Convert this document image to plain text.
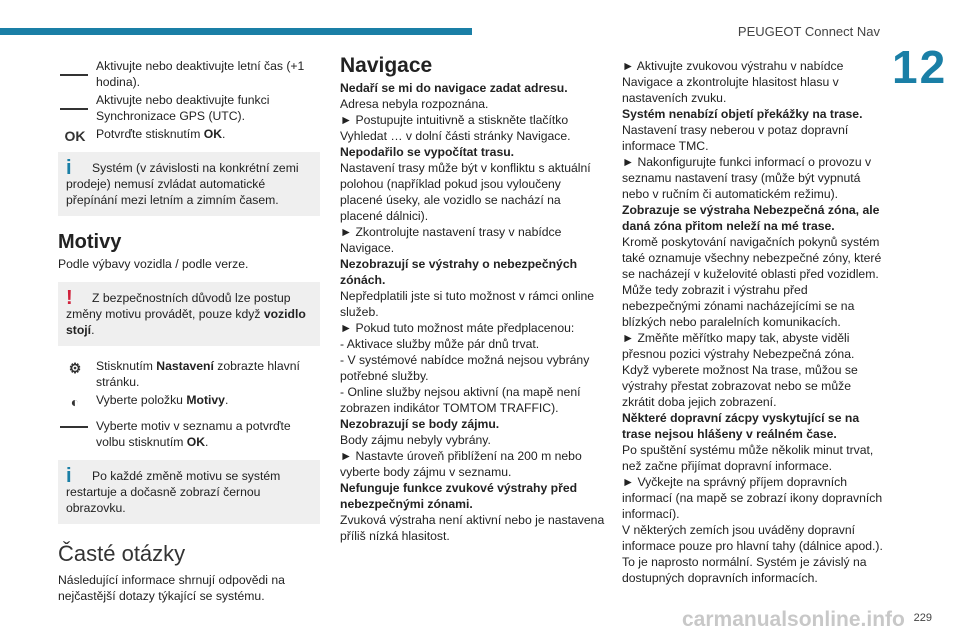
PEUGEOT Connect Nav
12

Aktivujte nebo deaktivujte letní čas (+1 hodina).

Aktivujte nebo deaktivujte funkci Synchronizace GPS (UTC).

OK Potvrďte stisknutím OK.

i	Systém (v závislosti na konkrétní zemi prodeje) nemusí zvládat automatické přepínání mezi letním a zimním časem.

Motivy

Podle výbavy vozidla / podle verze.

!	Z bezpečnostních důvodů lze postup změny motivu provádět, pouze když vozidlo stojí.

⚙	Stisknutím Nastavení zobrazte hlavní stránku.

◐	Vyberte položku Motivy.

Vyberte motiv v seznamu a potvrďte volbu stisknutím OK.

i	Po každé změně motivu se systém restartuje a dočasně zobrazí černou obrazovku.

Časté otázky

Následující informace shrnují odpovědi na nejčastější dotazy týkající se systému.

Navigace

Nedaří se mi do navigace zadat adresu.

Adresa nebyla rozpoznána.

► Postupujte intuitivně a stiskněte tlačítko Vyhledat … v dolní části stránky Navigace.

Nepodařilo se vypočítat trasu.

Nastavení trasy může být v konfliktu s aktuální polohou (například pokud jsou vyloučeny placené úseky, ale vozidlo se nachází na placené dálnici).

► Zkontrolujte nastavení trasy v nabídce Navigace.

Nezobrazují se výstrahy o nebezpečných zónách.

Nepředplatili jste si tuto možnost v rámci online služeb.

► Pokud tuto možnost máte předplacenou:
- Aktivace služby může pár dnů trvat.
- V systémové nabídce možná nejsou vybrány potřebné služby.
- Online služby nejsou aktivní (na mapě není zobrazen indikátor TOMTOM TRAFFIC).

Nezobrazují se body zájmu.

Body zájmu nebyly vybrány.

► Nastavte úroveň přiblížení na 200 m nebo vyberte body zájmu v seznamu.

Nefunguje funkce zvukové výstrahy před nebezpečnými zónami.

Zvuková výstraha není aktivní nebo je nastavena příliš nízká hlasitost.

► Aktivujte zvukovou výstrahu v nabídce Navigace a zkontrolujte hlasitost hlasu v nastaveních zvuku.

Systém nenabízí objetí překážky na trase.

Nastavení trasy neberou v potaz dopravní informace TMC.

► Nakonfigurujte funkci informací o provozu v seznamu nastavení trasy (může být vypnutá nebo v ručním či automatickém režimu).

Zobrazuje se výstraha Nebezpečná zóna, ale daná zóna přitom neleží na mé trase.

Kromě poskytování navigačních pokynů systém také oznamuje všechny nebezpečné zóny, které se nacházejí v kuželovité oblasti před vozidlem. Může tedy zobrazit i výstrahu před nebezpečnými zónami nacházejícími se na blízkých nebo paralelních komunikacích.

► Změňte měřítko mapy tak, abyste viděli přesnou pozici výstrahy Nebezpečná zóna. Když vyberete možnost Na trase, můžou se výstrahy přestat zobrazovat nebo se může zkrátit doba jejich zobrazení.

Některé dopravní zácpy vyskytující se na trase nejsou hlášeny v reálném čase.

Po spuštění systému může několik minut trvat, než začne přijímat dopravní informace.

► Vyčkejte na správný příjem dopravních informací (na mapě se zobrazí ikony dopravních informací).
V některých zemích jsou uváděny dopravní informace pouze pro hlavní tahy (dálnice apod.).
To je naprosto normální. Systém je závislý na dostupných dopravních informacích.

229
carmanualsonline.info
